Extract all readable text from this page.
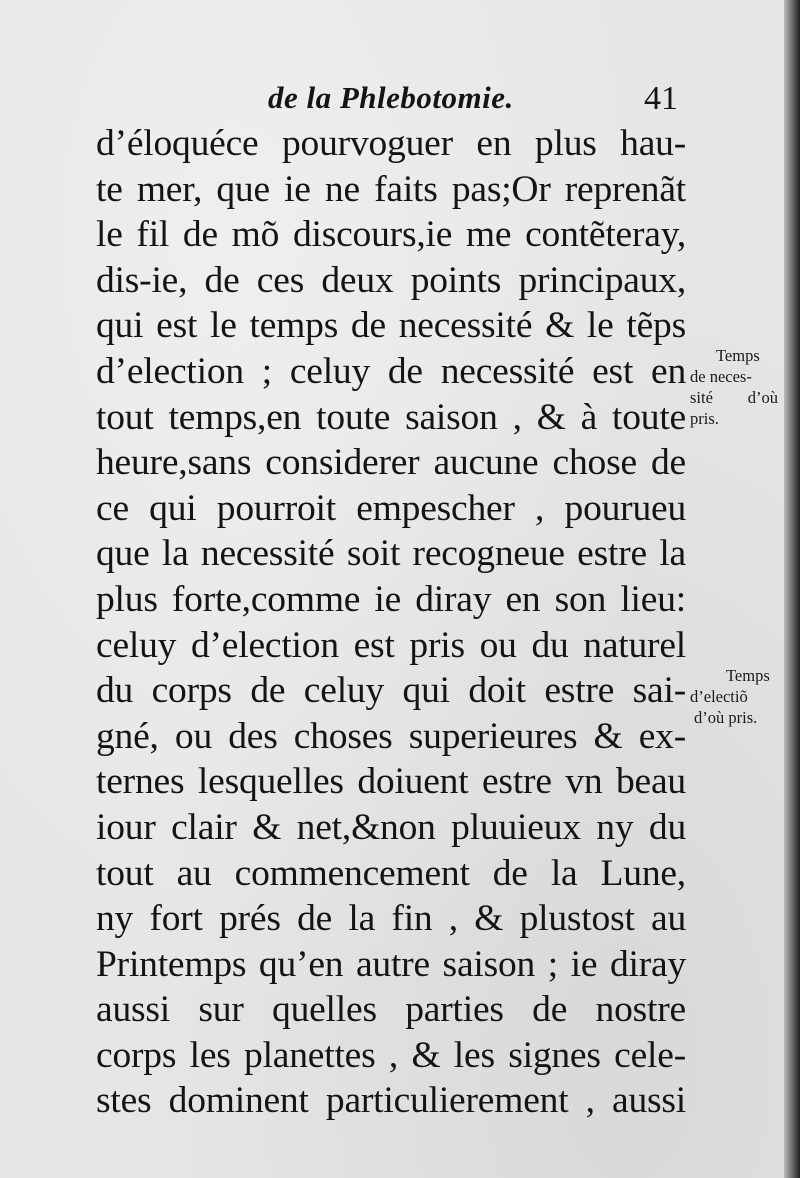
de la Phlebotomie.	41
d’éloquéce pourvoguer en plus hau-
te mer, que ie ne faits pas;Or reprenãt
le fil de mõ discours,ie me contẽteray,
dis-ie, de ces deux points principaux,
qui est le temps de necessité & le tẽps
d’election ; celuy de necessité est en
tout temps,en toute saison , & à toute
heure,sans considerer aucune chose de
ce qui pourroit empescher , pourueu
que la necessité soit recogneue estre la
plus forte,comme ie diray en son lieu:
celuy d’election est pris ou du naturel
du corps de celuy qui doit estre sai-
gné, ou des choses superieures & ex-
ternes lesquelles doiuent estre vn beau
iour clair & net,&non pluuieux ny du
tout au commencement de la Lune,
ny fort prés de la fin , & plustost au
Printemps qu’en autre saison ; ie diray
aussi sur quelles parties de nostre
corps les planettes , & les signes cele-
stes dominent particulierement , aussi
Temps
de neces-
sité d’où
pris.
Temps
d’electiõ
d’où pris.
